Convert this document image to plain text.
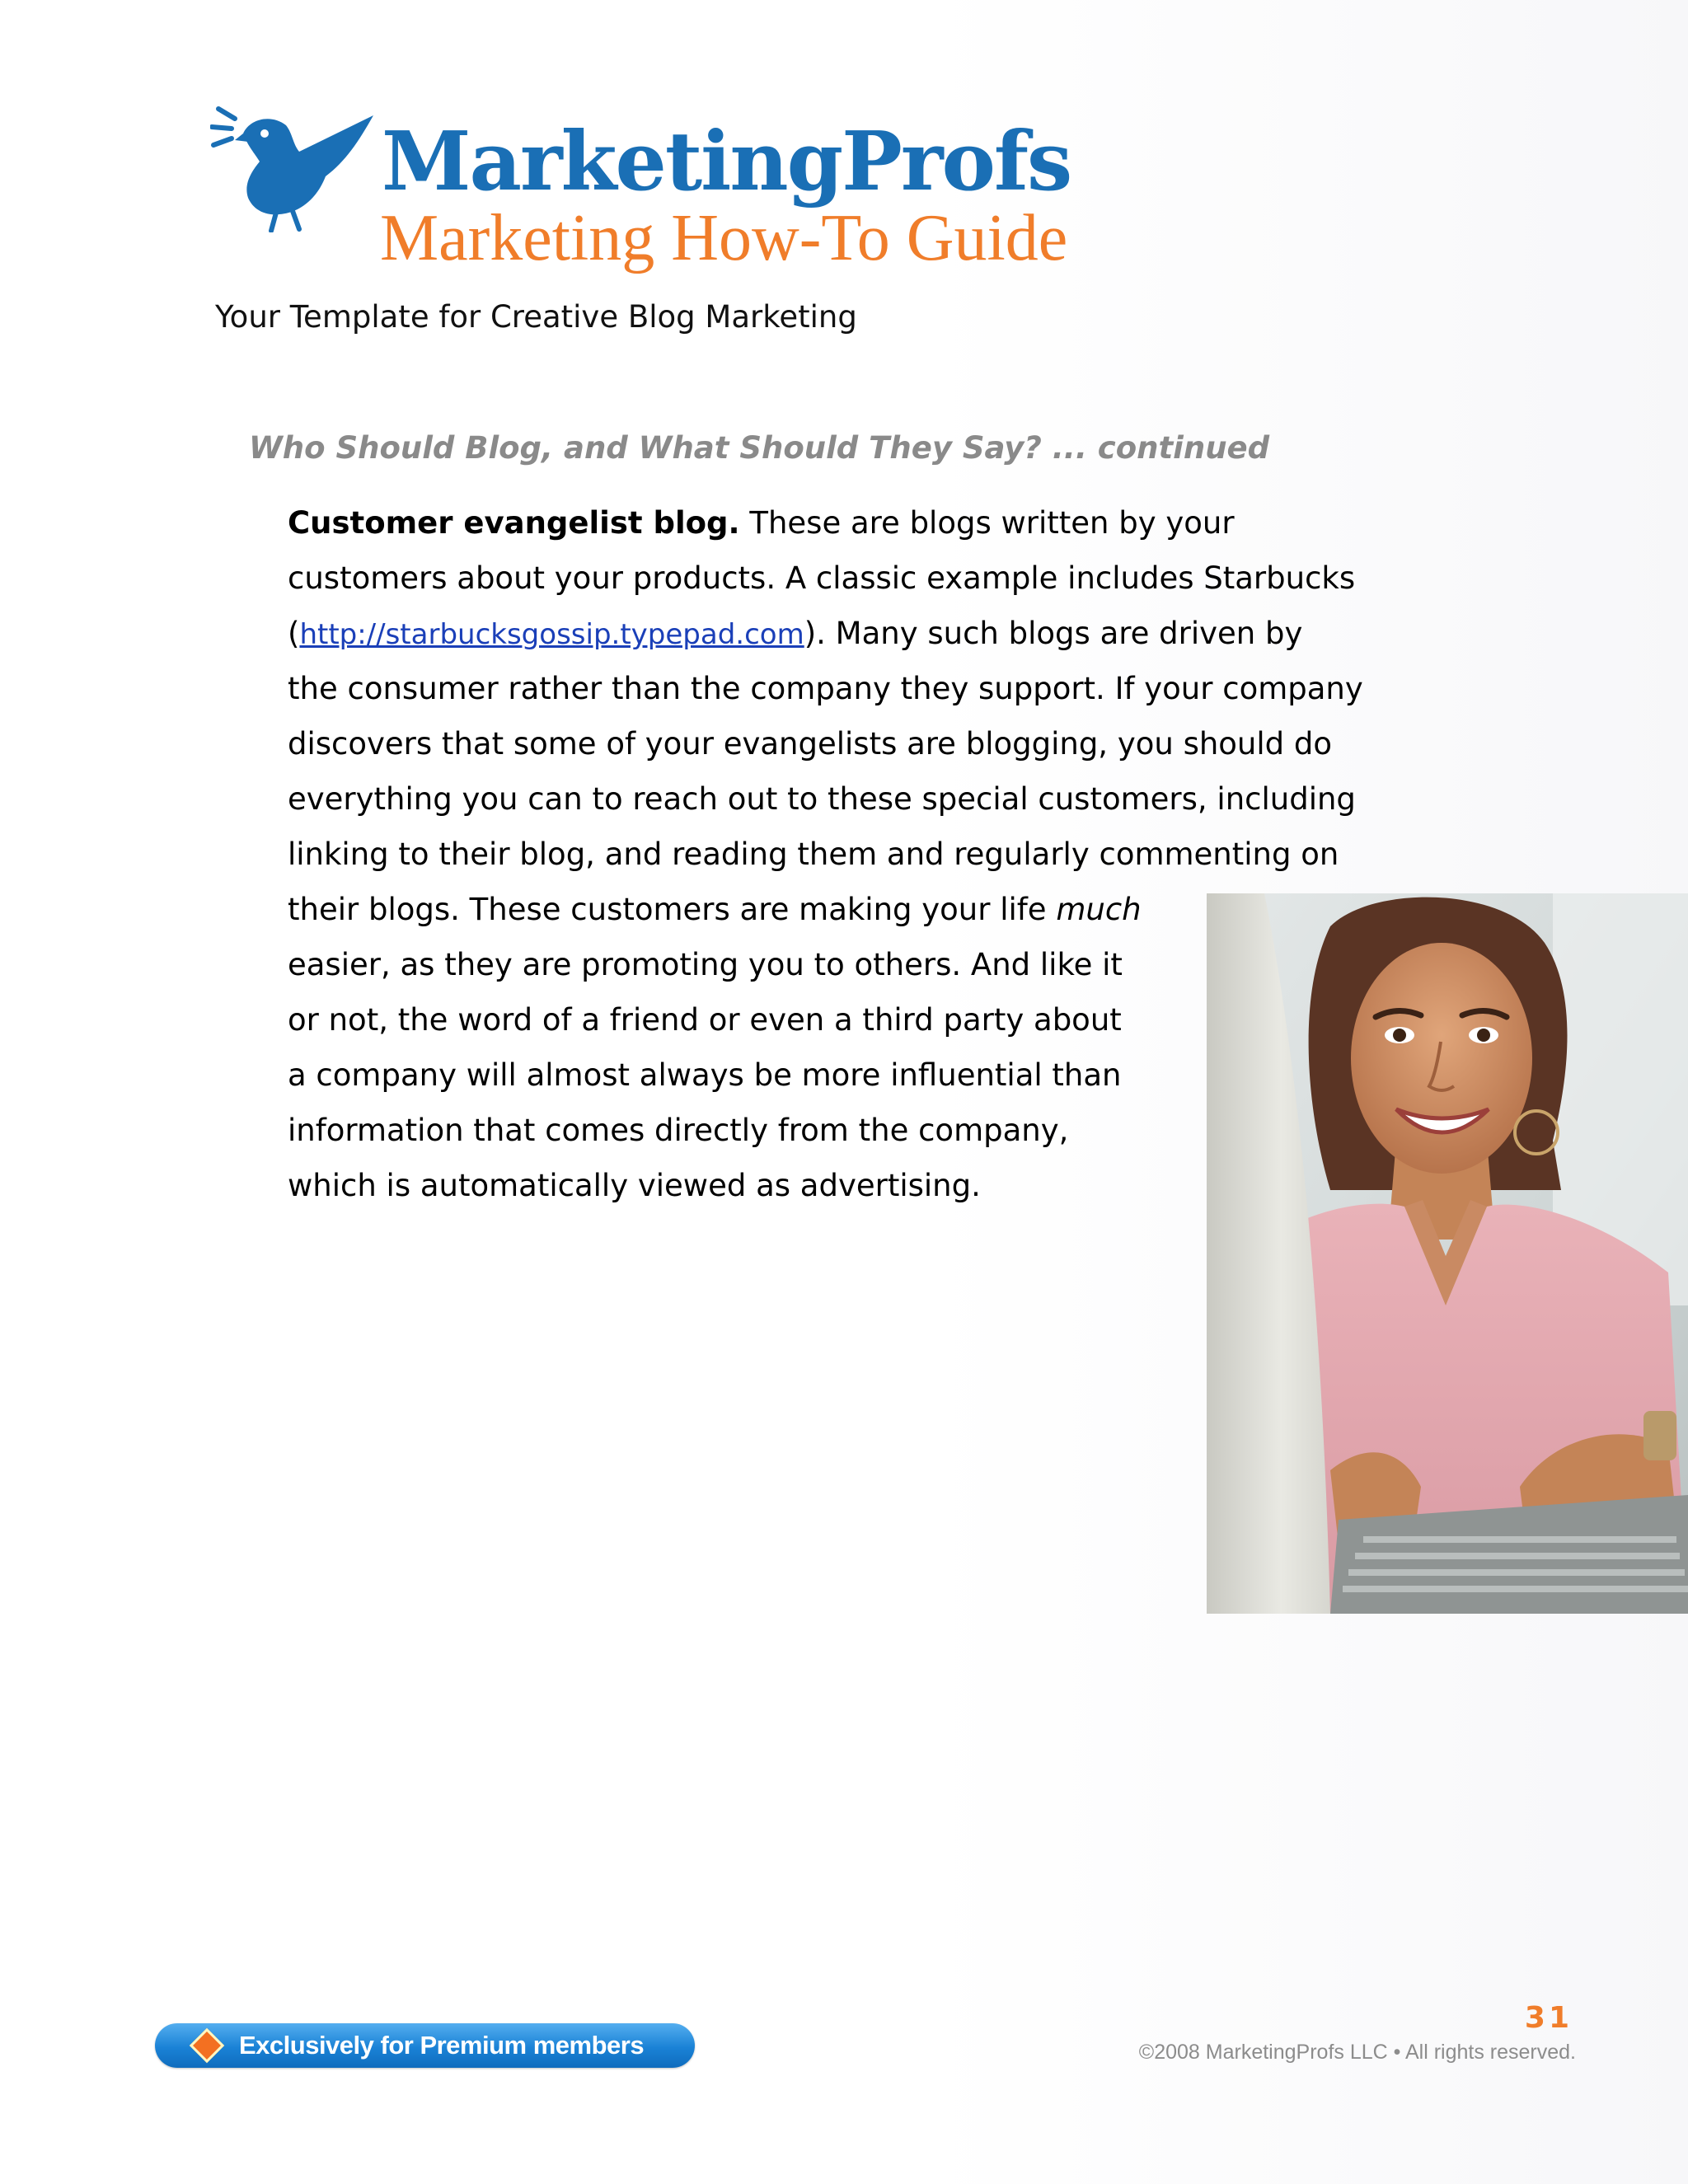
MarketingProfs
Marketing How-To Guide
Your Template for Creative Blog Marketing
Who Should Blog, and What Should They Say? ... continued
Customer evangelist blog. These are blogs written by your
customers about your products. A classic example includes Starbucks
(http://starbucksgossip.typepad.com). Many such blogs are driven by
the consumer rather than the company they support. If your company
discovers that some of your evangelists are blogging, you should do
everything you can to reach out to these special customers, including
linking to their blog, and reading them and regularly commenting on
their blogs. These customers are making your life much
easier, as they are promoting you to others. And like it
or not, the word of a friend or even a third party about
a company will almost always be more influential than
information that comes directly from the company,
which is automatically viewed as advertising.
Exclusively for Premium members
31
©2008 MarketingProfs LLC • All rights reserved.
